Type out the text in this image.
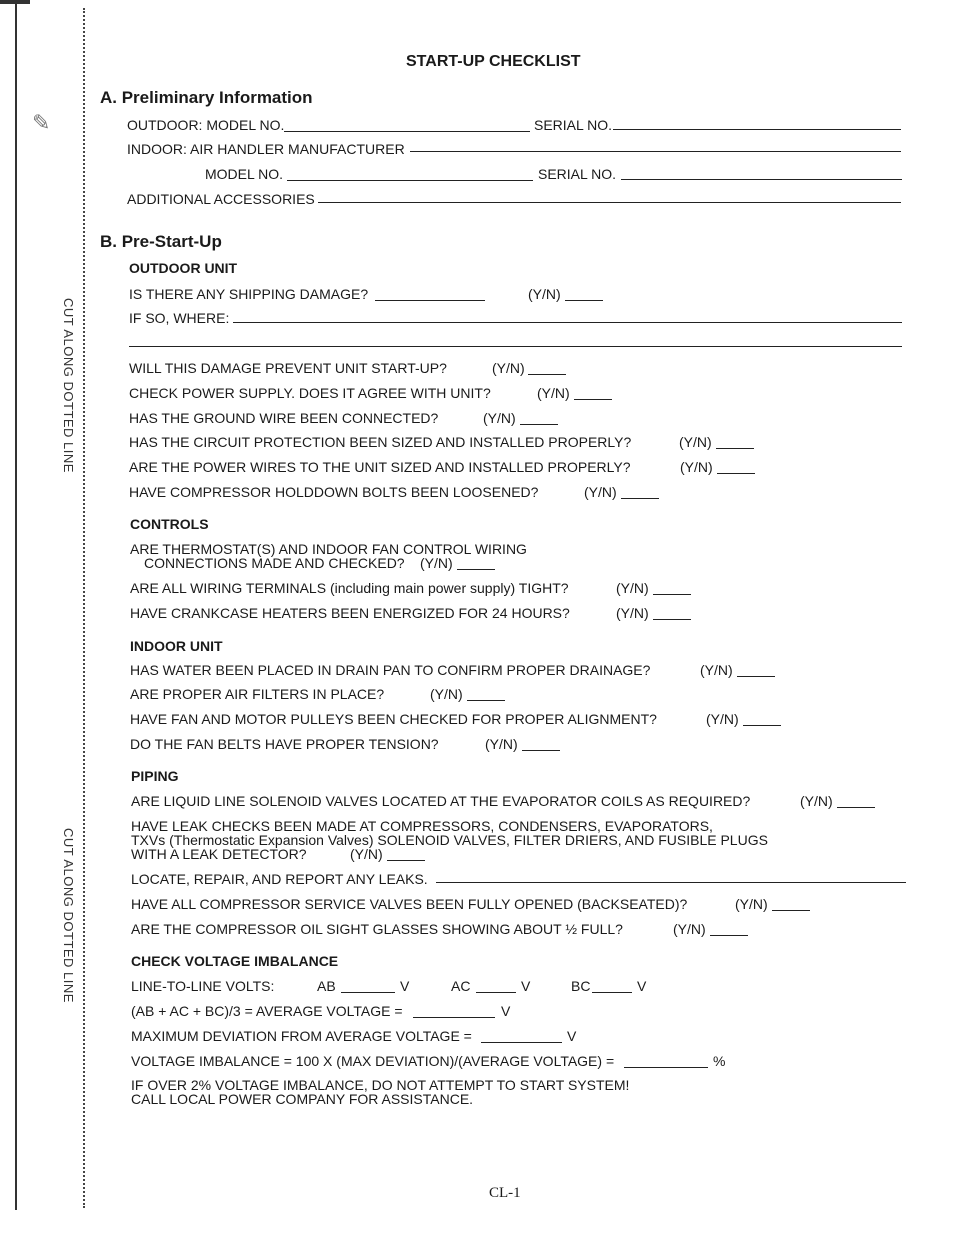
✎
CUT ALONG DOTTED LINE
CUT ALONG DOTTED LINE
START-UP CHECKLIST
A. Preliminary Information
OUTDOOR: MODEL NO.	SERIAL NO.
INDOOR: AIR HANDLER MANUFACTURER
MODEL NO.	SERIAL NO.
ADDITIONAL ACCESSORIES
B. Pre-Start-Up
OUTDOOR UNIT
IS THERE ANY SHIPPING DAMAGE?	(Y/N)
IF SO, WHERE:
WILL THIS DAMAGE PREVENT UNIT START-UP?	(Y/N)
CHECK POWER SUPPLY. DOES IT AGREE WITH UNIT?	(Y/N)
HAS THE GROUND WIRE BEEN CONNECTED?	(Y/N)
HAS THE CIRCUIT PROTECTION BEEN SIZED AND INSTALLED PROPERLY?	(Y/N)
ARE THE POWER WIRES TO THE UNIT SIZED AND INSTALLED PROPERLY?	(Y/N)
HAVE COMPRESSOR HOLDDOWN BOLTS BEEN LOOSENED?	(Y/N)
CONTROLS
ARE THERMOSTAT(S) AND INDOOR FAN CONTROL WIRING
CONNECTIONS MADE AND CHECKED? (Y/N)
ARE ALL WIRING TERMINALS (including main power supply) TIGHT?	(Y/N)
HAVE CRANKCASE HEATERS BEEN ENERGIZED FOR 24 HOURS?	(Y/N)
INDOOR UNIT
HAS WATER BEEN PLACED IN DRAIN PAN TO CONFIRM PROPER DRAINAGE?	(Y/N)
ARE PROPER AIR FILTERS IN PLACE?	(Y/N)
HAVE FAN AND MOTOR PULLEYS BEEN CHECKED FOR PROPER ALIGNMENT?	(Y/N)
DO THE FAN BELTS HAVE PROPER TENSION?	(Y/N)
PIPING
ARE LIQUID LINE SOLENOID VALVES LOCATED AT THE EVAPORATOR COILS AS REQUIRED?	(Y/N)
HAVE LEAK CHECKS BEEN MADE AT COMPRESSORS, CONDENSERS, EVAPORATORS,
TXVs (Thermostatic Expansion Valves) SOLENOID VALVES, FILTER DRIERS, AND FUSIBLE PLUGS
WITH A LEAK DETECTOR?	(Y/N)
LOCATE, REPAIR, AND REPORT ANY LEAKS.
HAVE ALL COMPRESSOR SERVICE VALVES BEEN FULLY OPENED (BACKSEATED)?	(Y/N)
ARE THE COMPRESSOR OIL SIGHT GLASSES SHOWING ABOUT ½ FULL?	(Y/N)
CHECK VOLTAGE IMBALANCE
LINE-TO-LINE VOLTS:	AB	V	AC	V	BC	V
(AB + AC + BC)/3 = AVERAGE VOLTAGE =	V
MAXIMUM DEVIATION FROM AVERAGE VOLTAGE =	V
VOLTAGE IMBALANCE = 100 X (MAX DEVIATION)/(AVERAGE VOLTAGE) =	%
IF OVER 2% VOLTAGE IMBALANCE, DO NOT ATTEMPT TO START SYSTEM!
CALL LOCAL POWER COMPANY FOR ASSISTANCE.
CL-1
